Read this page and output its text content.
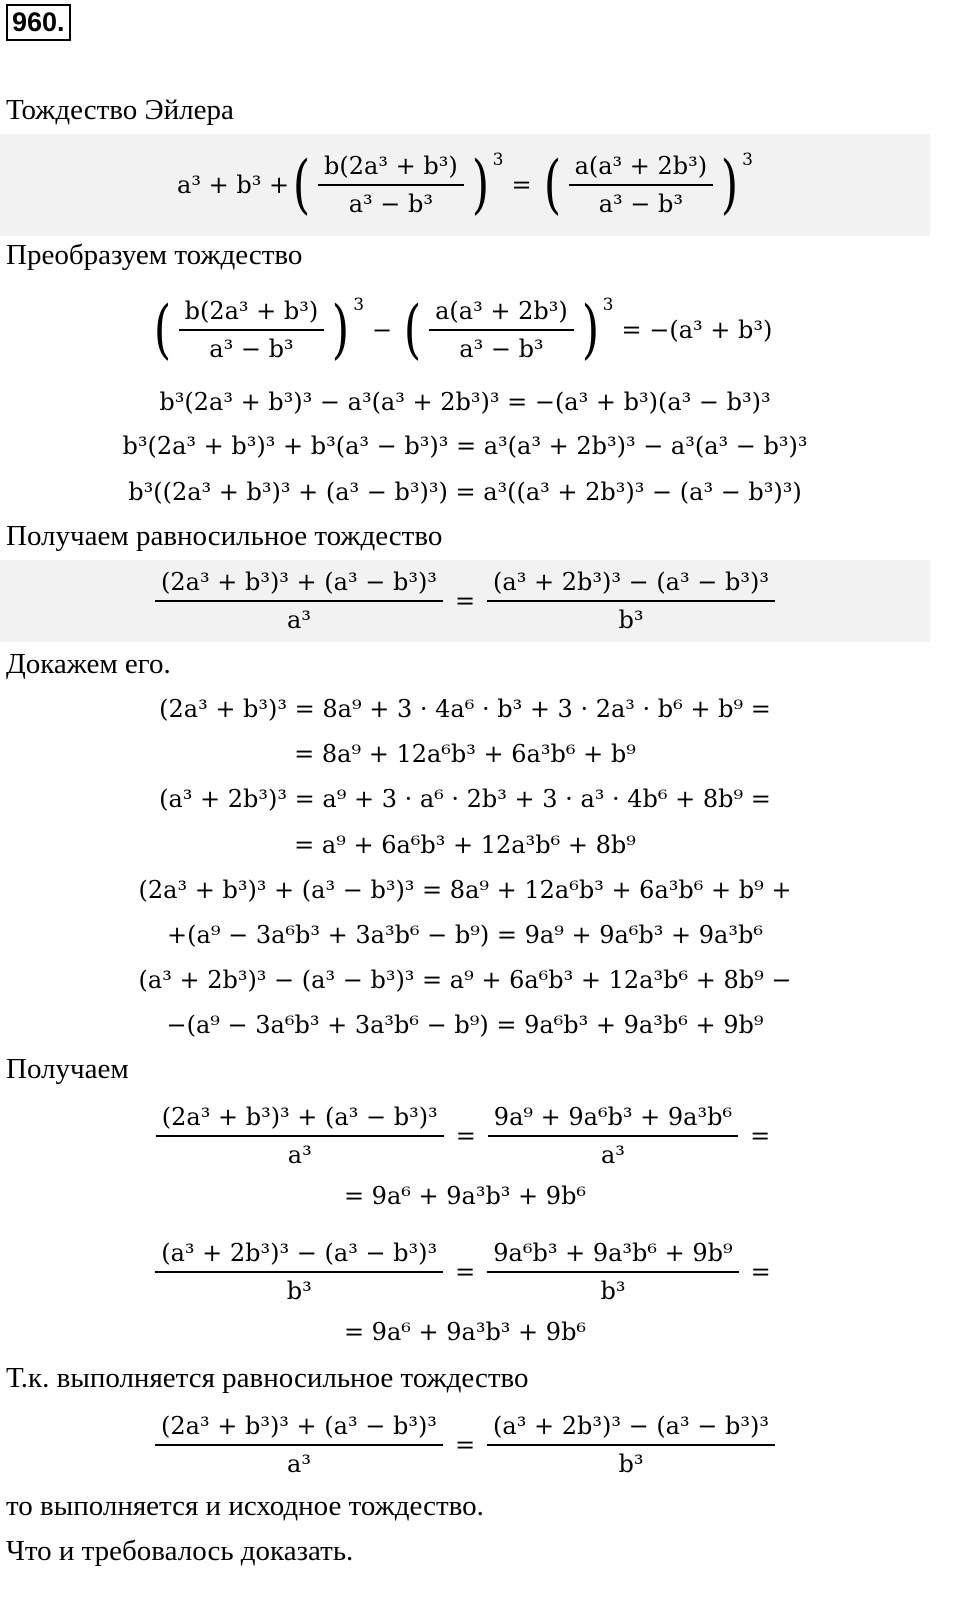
960.
Тождество Эйлера
a³ + b³ + ( $\frac{\text{b(2a³ + b³)}}{\text{a³ − b³}}$ ) 3
= ( $\frac{\text{a(a³ + 2b³)}}{\text{a³ − b³}}$ ) 3
Преобразуем тождество
( $\frac{\text{b(2a³ + b³)}}{\text{a³ − b³}}$ ) 3
− ( $\frac{\text{a(a³ + 2b³)}}{\text{a³ − b³}}$ ) 3
= −(a³ + b³)
b³(2a³ + b³)³ − a³(a³ + 2b³)³ = −(a³ + b³)(a³ − b³)³
b³(2a³ + b³)³ + b³(a³ − b³)³ = a³(a³ + 2b³)³ − a³(a³ − b³)³
b³((2a³ + b³)³ + (a³ − b³)³) = a³((a³ + 2b³)³ − (a³ − b³)³)
Получаем равносильное тождество
$\frac{\text{(2a³ + b³)³ + (a³ − b³)³}}{\text{a³}} = \frac{\text{(a³ + 2b³)³ − (a³ − b³)³}}{\text{b³}}$
Докажем его.
(2a³ + b³)³ = 8a⁹ + 3 · 4a⁶ · b³ + 3 · 2a³ · b⁶ + b⁹ =
= 8a⁹ + 12a⁶b³ + 6a³b⁶ + b⁹
(a³ + 2b³)³ = a⁹ + 3 · a⁶ · 2b³ + 3 · a³ · 4b⁶ + 8b⁹ =
= a⁹ + 6a⁶b³ + 12a³b⁶ + 8b⁹
(2a³ + b³)³ + (a³ − b³)³ = 8a⁹ + 12a⁶b³ + 6a³b⁶ + b⁹ +
+(a⁹ − 3a⁶b³ + 3a³b⁶ − b⁹) = 9a⁹ + 9a⁶b³ + 9a³b⁶
(a³ + 2b³)³ − (a³ − b³)³ = a⁹ + 6a⁶b³ + 12a³b⁶ + 8b⁹ −
−(a⁹ − 3a⁶b³ + 3a³b⁶ − b⁹) = 9a⁶b³ + 9a³b⁶ + 9b⁹
Получаем
$\frac{\text{(2a³ + b³)³ + (a³ − b³)³}}{\text{a³}} = \frac{\text{9a⁹ + 9a⁶b³ + 9a³b⁶}}{\text{a³}}$ =
= 9a⁶ + 9a³b³ + 9b⁶
$\frac{\text{(a³ + 2b³)³ − (a³ − b³)³}}{\text{b³}} = \frac{\text{9a⁶b³ + 9a³b⁶ + 9b⁹}}{\text{b³}}$ =
= 9a⁶ + 9a³b³ + 9b⁶
Т.к. выполняется равносильное тождество
$\frac{\text{(2a³ + b³)³ + (a³ − b³)³}}{\text{a³}} = \frac{\text{(a³ + 2b³)³ − (a³ − b³)³}}{\text{b³}}$
то выполняется и исходное тождество.
Что и требовалось доказать.
